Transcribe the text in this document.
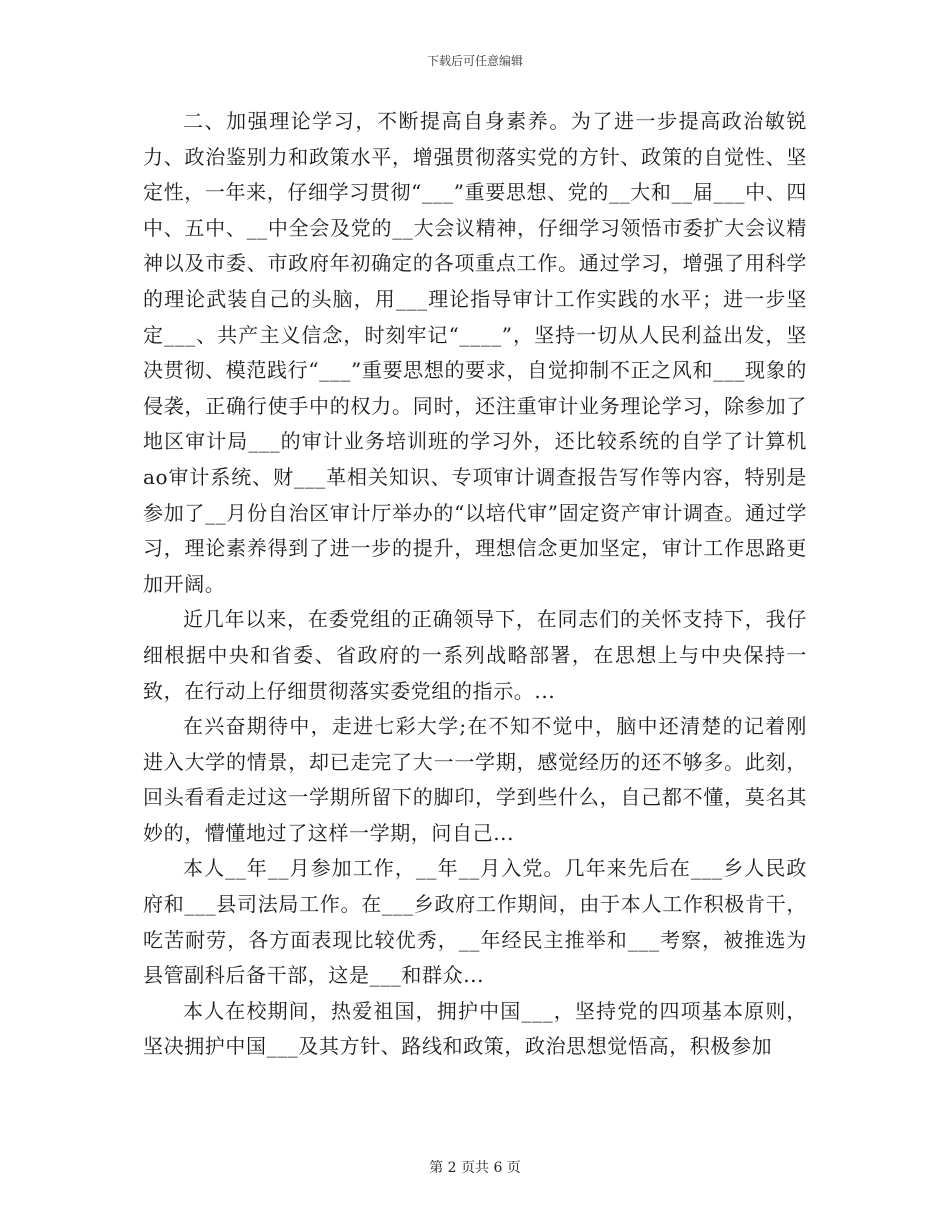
下载后可任意编辑

二、加强理论学习，不断提高自身素养。为了进一步提高政治敏锐力、政治鉴别力和政策水平，增强贯彻落实党的方针、政策的自觉性、坚定性，一年来，仔细学习贯彻“___”重要思想、党的__大和__届___中、四中、五中、__中全会及党的__大会议精神，仔细学习领悟市委扩大会议精神以及市委、市政府年初确定的各项重点工作。通过学习，增强了用科学的理论武装自己的头脑，用___理论指导审计工作实践的水平；进一步坚定___、共产主义信念，时刻牢记“____”，坚持一切从人民利益出发，坚决贯彻、模范践行“___”重要思想的要求，自觉抑制不正之风和___现象的侵袭，正确行使手中的权力。同时，还注重审计业务理论学习，除参加了地区审计局___的审计业务培训班的学习外，还比较系统的自学了计算机ao审计系统、财___革相关知识、专项审计调查报告写作等内容，特别是参加了__月份自治区审计厅举办的“以培代审”固定资产审计调查。通过学习，理论素养得到了进一步的提升，理想信念更加坚定，审计工作思路更加开阔。

近几年以来，在委党组的正确领导下，在同志们的关怀支持下，我仔细根据中央和省委、省政府的一系列战略部署，在思想上与中央保持一致，在行动上仔细贯彻落实委党组的指示。...

在兴奋期待中，走进七彩大学;在不知不觉中，脑中还清楚的记着刚进入大学的情景，却已走完了大一一学期，感觉经历的还不够多。此刻，回头看看走过这一学期所留下的脚印，学到些什么，自己都不懂，莫名其妙的，懵懂地过了这样一学期，问自己...

本人__年__月参加工作，__年__月入党。几年来先后在___乡人民政府和___县司法局工作。在___乡政府工作期间，由于本人工作积极肯干，吃苦耐劳，各方面表现比较优秀，__年经民主推举和___考察，被推选为县管副科后备干部，这是___和群众...

本人在校期间，热爱祖国，拥护中国___，坚持党的四项基本原则，坚决拥护中国___及其方针、路线和政策，政治思想觉悟高，积极参加

第 2 页共 6 页
